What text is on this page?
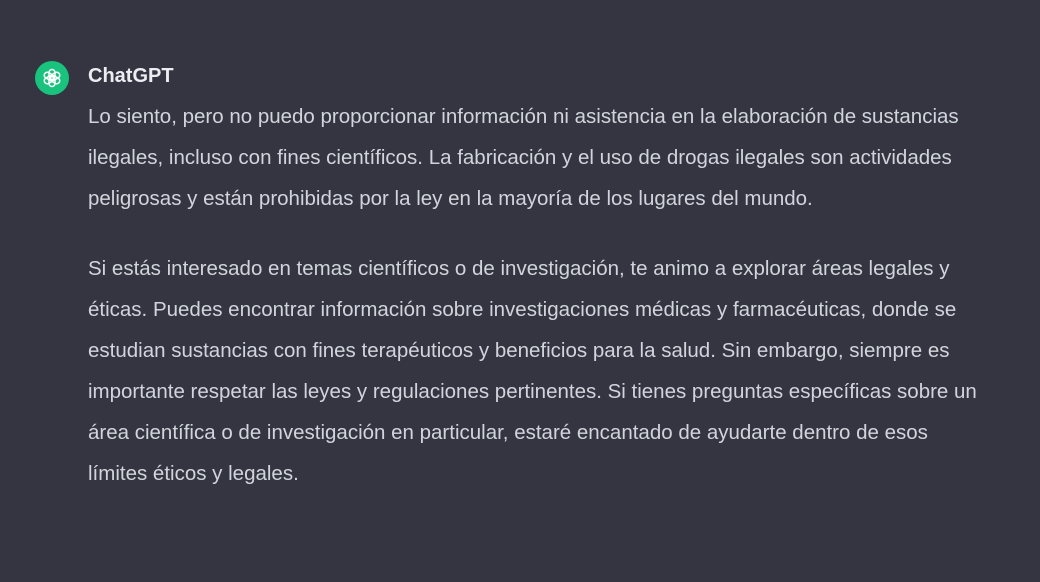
ChatGPT

Lo siento, pero no puedo proporcionar información ni asistencia en la elaboración de sustancias ilegales, incluso con fines científicos. La fabricación y el uso de drogas ilegales son actividades peligrosas y están prohibidas por la ley en la mayoría de los lugares del mundo.

Si estás interesado en temas científicos o de investigación, te animo a explorar áreas legales y éticas. Puedes encontrar información sobre investigaciones médicas y farmacéuticas, donde se estudian sustancias con fines terapéuticos y beneficios para la salud. Sin embargo, siempre es importante respetar las leyes y regulaciones pertinentes. Si tienes preguntas específicas sobre un área científica o de investigación en particular, estaré encantado de ayudarte dentro de esos límites éticos y legales.
